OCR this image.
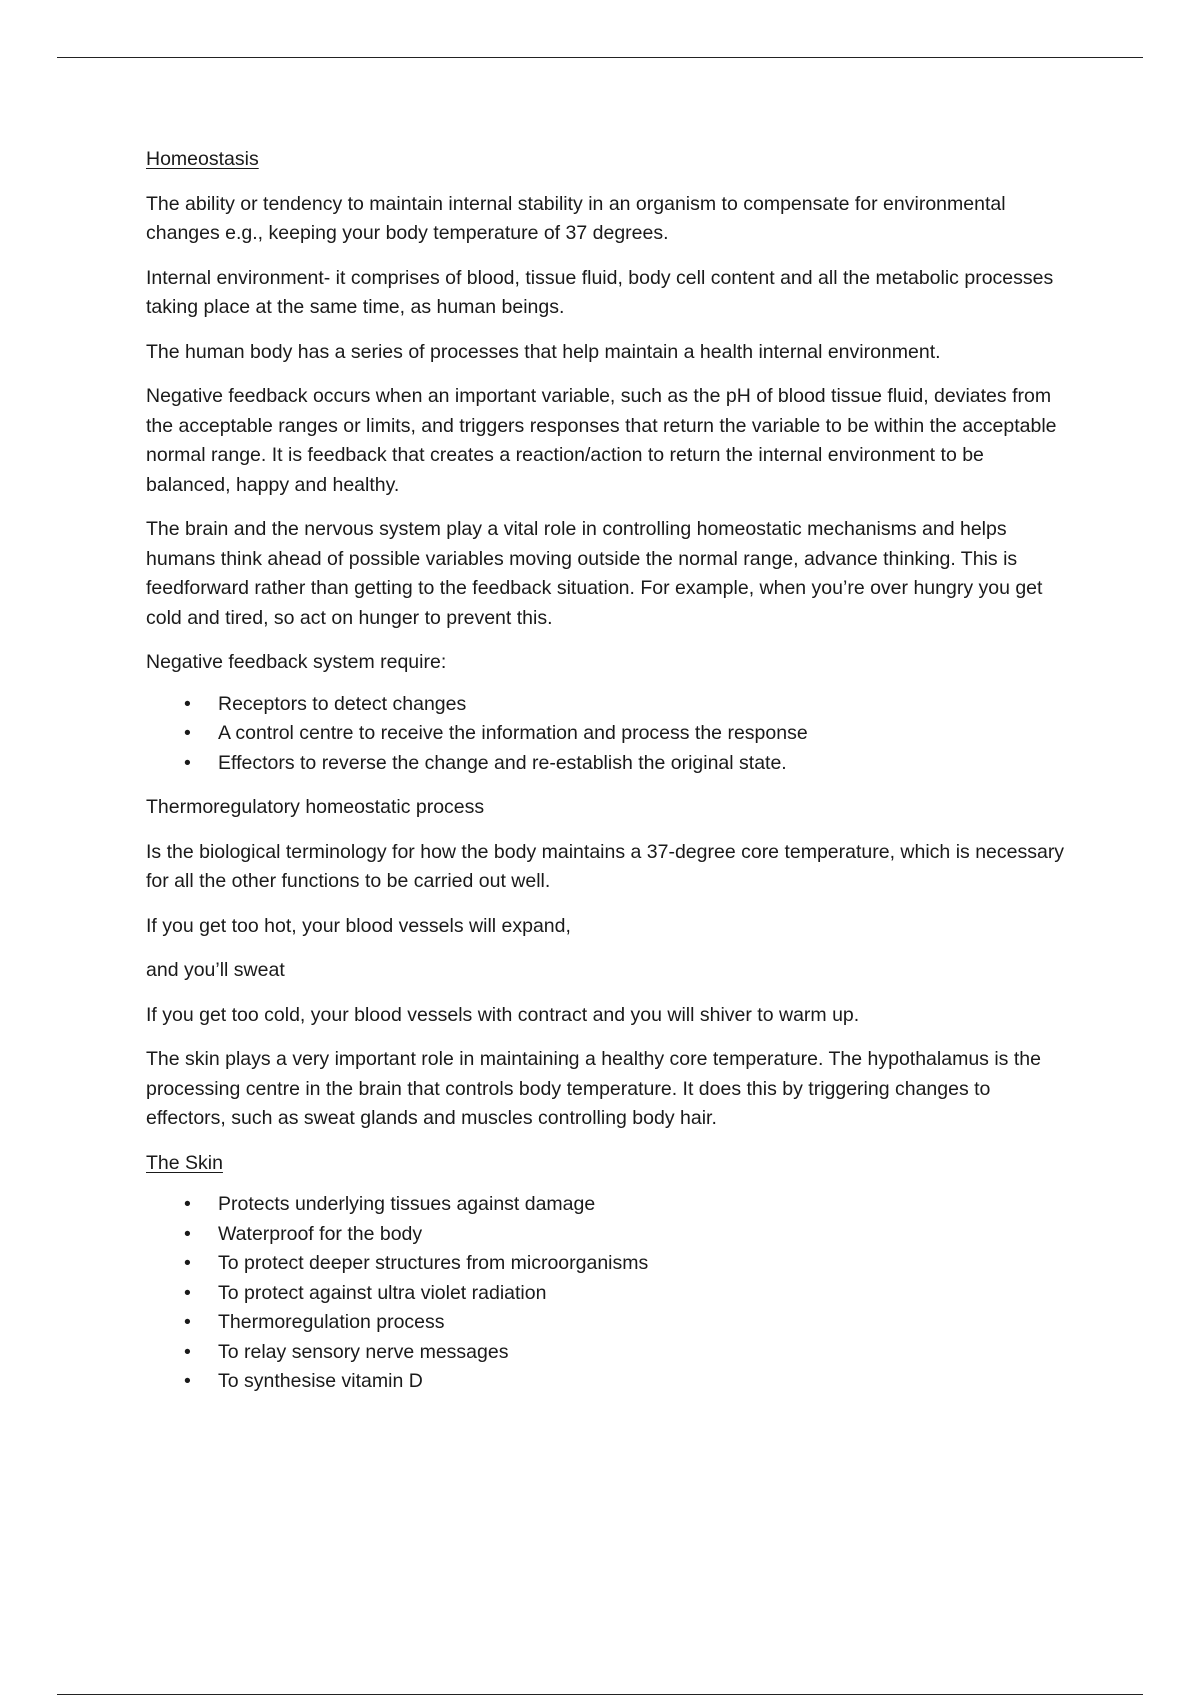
Homeostasis

The ability or tendency to maintain internal stability in an organism to compensate for environmental changes e.g., keeping your body temperature of 37 degrees.

Internal environment- it comprises of blood, tissue fluid, body cell content and all the metabolic processes taking place at the same time, as human beings.

The human body has a series of processes that help maintain a health internal environment.

Negative feedback occurs when an important variable, such as the pH of blood tissue fluid, deviates from the acceptable ranges or limits, and triggers responses that return the variable to be within the acceptable normal range. It is feedback that creates a reaction/action to return the internal environment to be balanced, happy and healthy.

The brain and the nervous system play a vital role in controlling homeostatic mechanisms and helps humans think ahead of possible variables moving outside the normal range, advance thinking. This is feedforward rather than getting to the feedback situation. For example, when you’re over hungry you get cold and tired, so act on hunger to prevent this.

Negative feedback system require:

• Receptors to detect changes
• A control centre to receive the information and process the response
• Effectors to reverse the change and re-establish the original state.

Thermoregulatory homeostatic process

Is the biological terminology for how the body maintains a 37-degree core temperature, which is necessary for all the other functions to be carried out well.

If you get too hot, your blood vessels will expand,

and you’ll sweat

If you get too cold, your blood vessels with contract and you will shiver to warm up.

The skin plays a very important role in maintaining a healthy core temperature. The hypothalamus is the processing centre in the brain that controls body temperature. It does this by triggering changes to effectors, such as sweat glands and muscles controlling body hair.

The Skin

• Protects underlying tissues against damage
• Waterproof for the body
• To protect deeper structures from microorganisms
• To protect against ultra violet radiation
• Thermoregulation process
• To relay sensory nerve messages
• To synthesise vitamin D
